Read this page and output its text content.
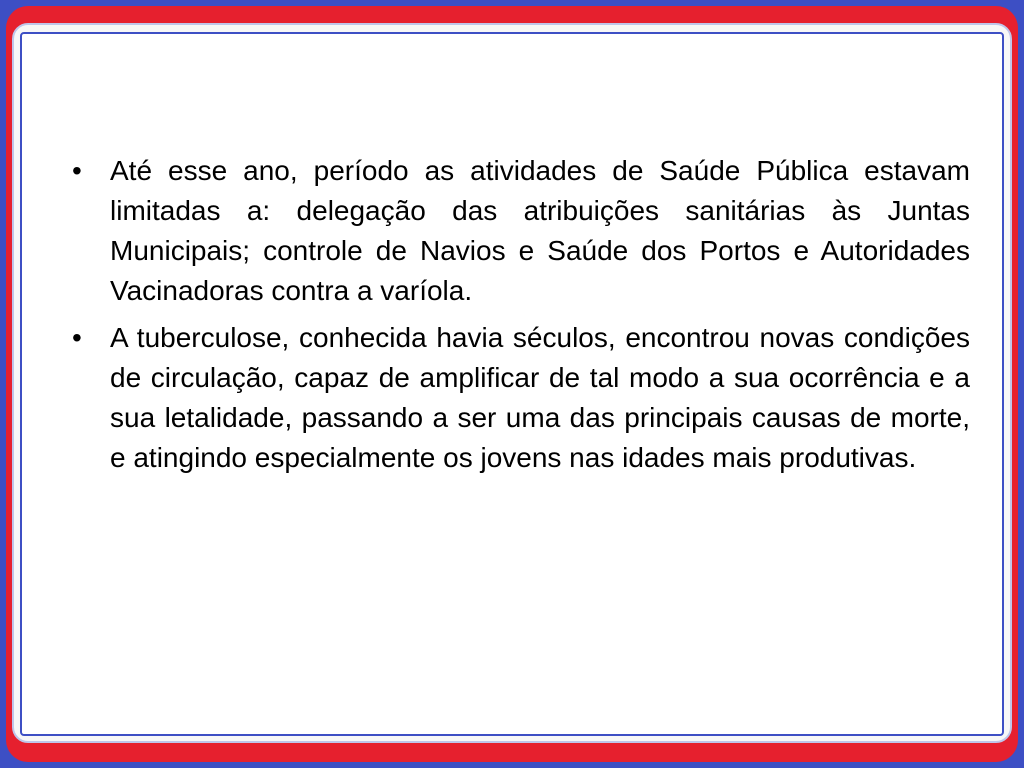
•	Até esse ano, período as atividades de Saúde Pública estavam limitadas a: delegação das atribuições sanitárias às Juntas Municipais; controle de Navios e Saúde dos Portos e Autoridades Vacinadoras contra a varíola.
•	A tuberculose, conhecida havia séculos, encontrou novas condições de circulação, capaz de amplificar de tal modo a sua ocorrência e a sua letalidade, passando a ser uma das principais causas de morte, e atingindo especialmente os jovens nas idades mais produtivas.
